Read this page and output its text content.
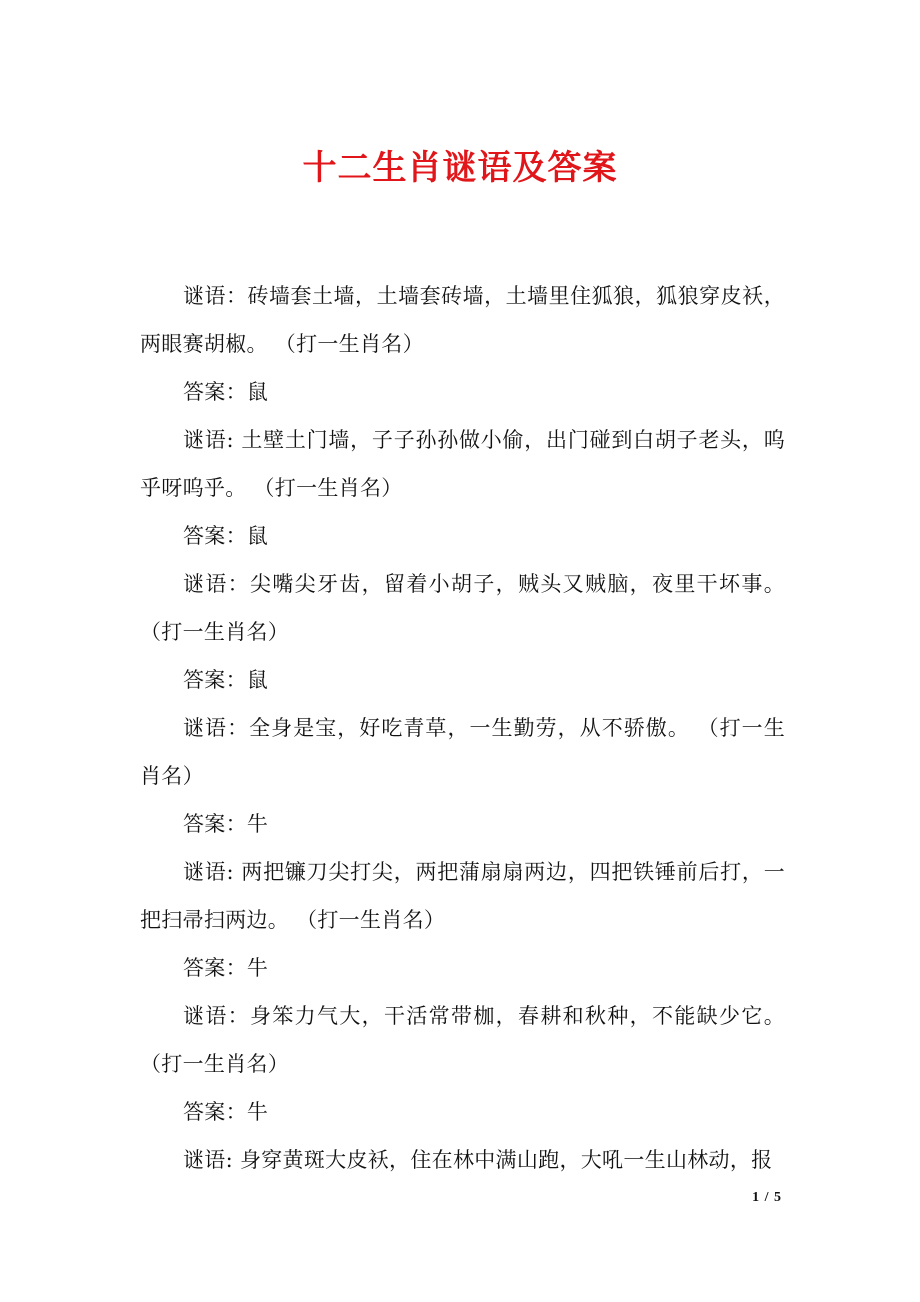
十二生肖谜语及答案

谜语：砖墙套土墙，土墙套砖墙，土墙里住狐狼，狐狼穿皮袄，两眼赛胡椒。 （打一生肖名）

答案：鼠

谜语: 土壁土门墙，子子孙孙做小偷，出门碰到白胡子老头，呜乎呀呜乎。 （打一生肖名）

答案：鼠

谜语：尖嘴尖牙齿，留着小胡子，贼头又贼脑，夜里干坏事。 （打一生肖名）

答案：鼠

谜语：全身是宝，好吃青草，一生勤劳，从不骄傲。 （打一生肖名）

答案：牛

谜语: 两把镰刀尖打尖，两把蒲扇扇两边，四把铁锤前后打，一把扫帚扫两边。 （打一生肖名）

答案：牛

谜语：身笨力气大，干活常带枷，春耕和秋种，不能缺少它。 （打一生肖名）

答案：牛

谜语: 身穿黄斑大皮袄，住在林中满山跑，大吼一生山林动，报

1 / 5
